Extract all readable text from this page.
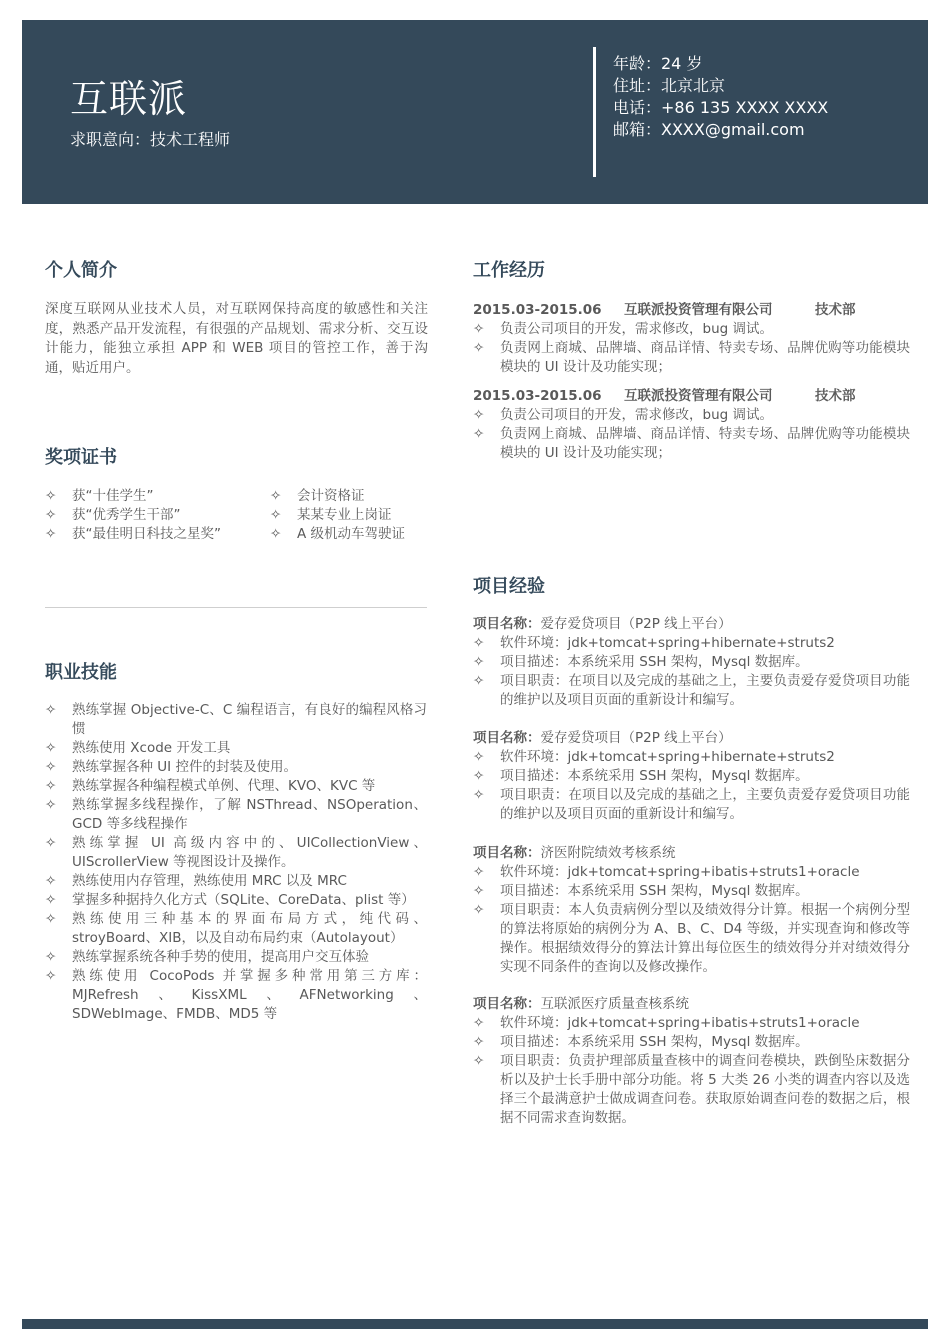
互联派
求职意向：技术工程师
年龄：24 岁
住址：北京北京
电话：+86 135 XXXX XXXX
邮箱：XXXX@gmail.com
个人简介
深度互联网从业技术人员，对互联网保持高度的敏感性和关注度，熟悉产品开发流程，有很强的产品规划、需求分析、交互设计能力，能独立承担 APP 和 WEB 项目的管控工作，善于沟通，贴近用户。
奖项证书
✧	获“十佳学生”
✧	获“优秀学生干部”
✧	获“最佳明日科技之星奖”
✧	会计资格证
✧	某某专业上岗证
✧	A 级机动车驾驶证
职业技能
✧	熟练掌握 Objective-C、C 编程语言，有良好的编程风格习惯
✧	熟练使用 Xcode 开发工具
✧	熟练掌握各种 UI 控件的封装及使用。
✧	熟练掌握各种编程模式单例、代理、KVO、KVC 等
✧	熟练掌握多线程操作，了解 NSThread、NSOperation、GCD 等多线程操作
✧	熟练掌握 UI 高级内容中的、UICollectionView、UIScrollerView 等视图设计及操作。
✧	熟练使用内存管理，熟练使用 MRC 以及 MRC
✧	掌握多种据持久化方式（SQLite、CoreData、plist 等）
✧	熟练使用三种基本的界面布局方式，纯代码、stroyBoard、XIB，以及自动布局约束（Autolayout）
✧	熟练掌握系统各种手势的使用，提高用户交互体验
✧	熟练使用 CocoPods 并掌握多种常用第三方库：MJRefresh、KissXML、AFNetworking、SDWebImage、FMDB、MD5 等
工作经历
2015.03-2015.06 互联派投资管理有限公司	技术部
✧	负责公司项目的开发，需求修改，bug 调试。
✧	负责网上商城、品牌墙、商品详情、特卖专场、品牌优购等功能模块模块的 UI 设计及功能实现；
2015.03-2015.06 互联派投资管理有限公司	技术部
✧	负责公司项目的开发，需求修改，bug 调试。
✧	负责网上商城、品牌墙、商品详情、特卖专场、品牌优购等功能模块模块的 UI 设计及功能实现；
项目经验
项目名称：爱存爱贷项目（P2P 线上平台）
✧	软件环境：jdk+tomcat+spring+hibernate+struts2
✧	项目描述：本系统采用 SSH 架构，Mysql 数据库。
✧	项目职责：在项目以及完成的基础之上，主要负责爱存爱贷项目功能的维护以及项目页面的重新设计和编写。
项目名称：爱存爱贷项目（P2P 线上平台）
✧	软件环境：jdk+tomcat+spring+hibernate+struts2
✧	项目描述：本系统采用 SSH 架构，Mysql 数据库。
✧	项目职责：在项目以及完成的基础之上，主要负责爱存爱贷项目功能的维护以及项目页面的重新设计和编写。
项目名称：济医附院绩效考核系统
✧	软件环境：jdk+tomcat+spring+ibatis+struts1+oracle
✧	项目描述：本系统采用 SSH 架构，Mysql 数据库。
✧	项目职责：本人负责病例分型以及绩效得分计算。根据一个病例分型的算法将原始的病例分为 A、B、C、D4 等级，并实现查询和修改等操作。根据绩效得分的算法计算出每位医生的绩效得分并对绩效得分实现不同条件的查询以及修改操作。
项目名称：互联派医疗质量查核系统
✧	软件环境：jdk+tomcat+spring+ibatis+struts1+oracle
✧	项目描述：本系统采用 SSH 架构，Mysql 数据库。
✧	项目职责：负责护理部质量查核中的调查问卷模块，跌倒坠床数据分析以及护士长手册中部分功能。将 5 大类 26 小类的调查内容以及选择三个最满意护士做成调查问卷。获取原始调查问卷的数据之后，根据不同需求查询数据。
